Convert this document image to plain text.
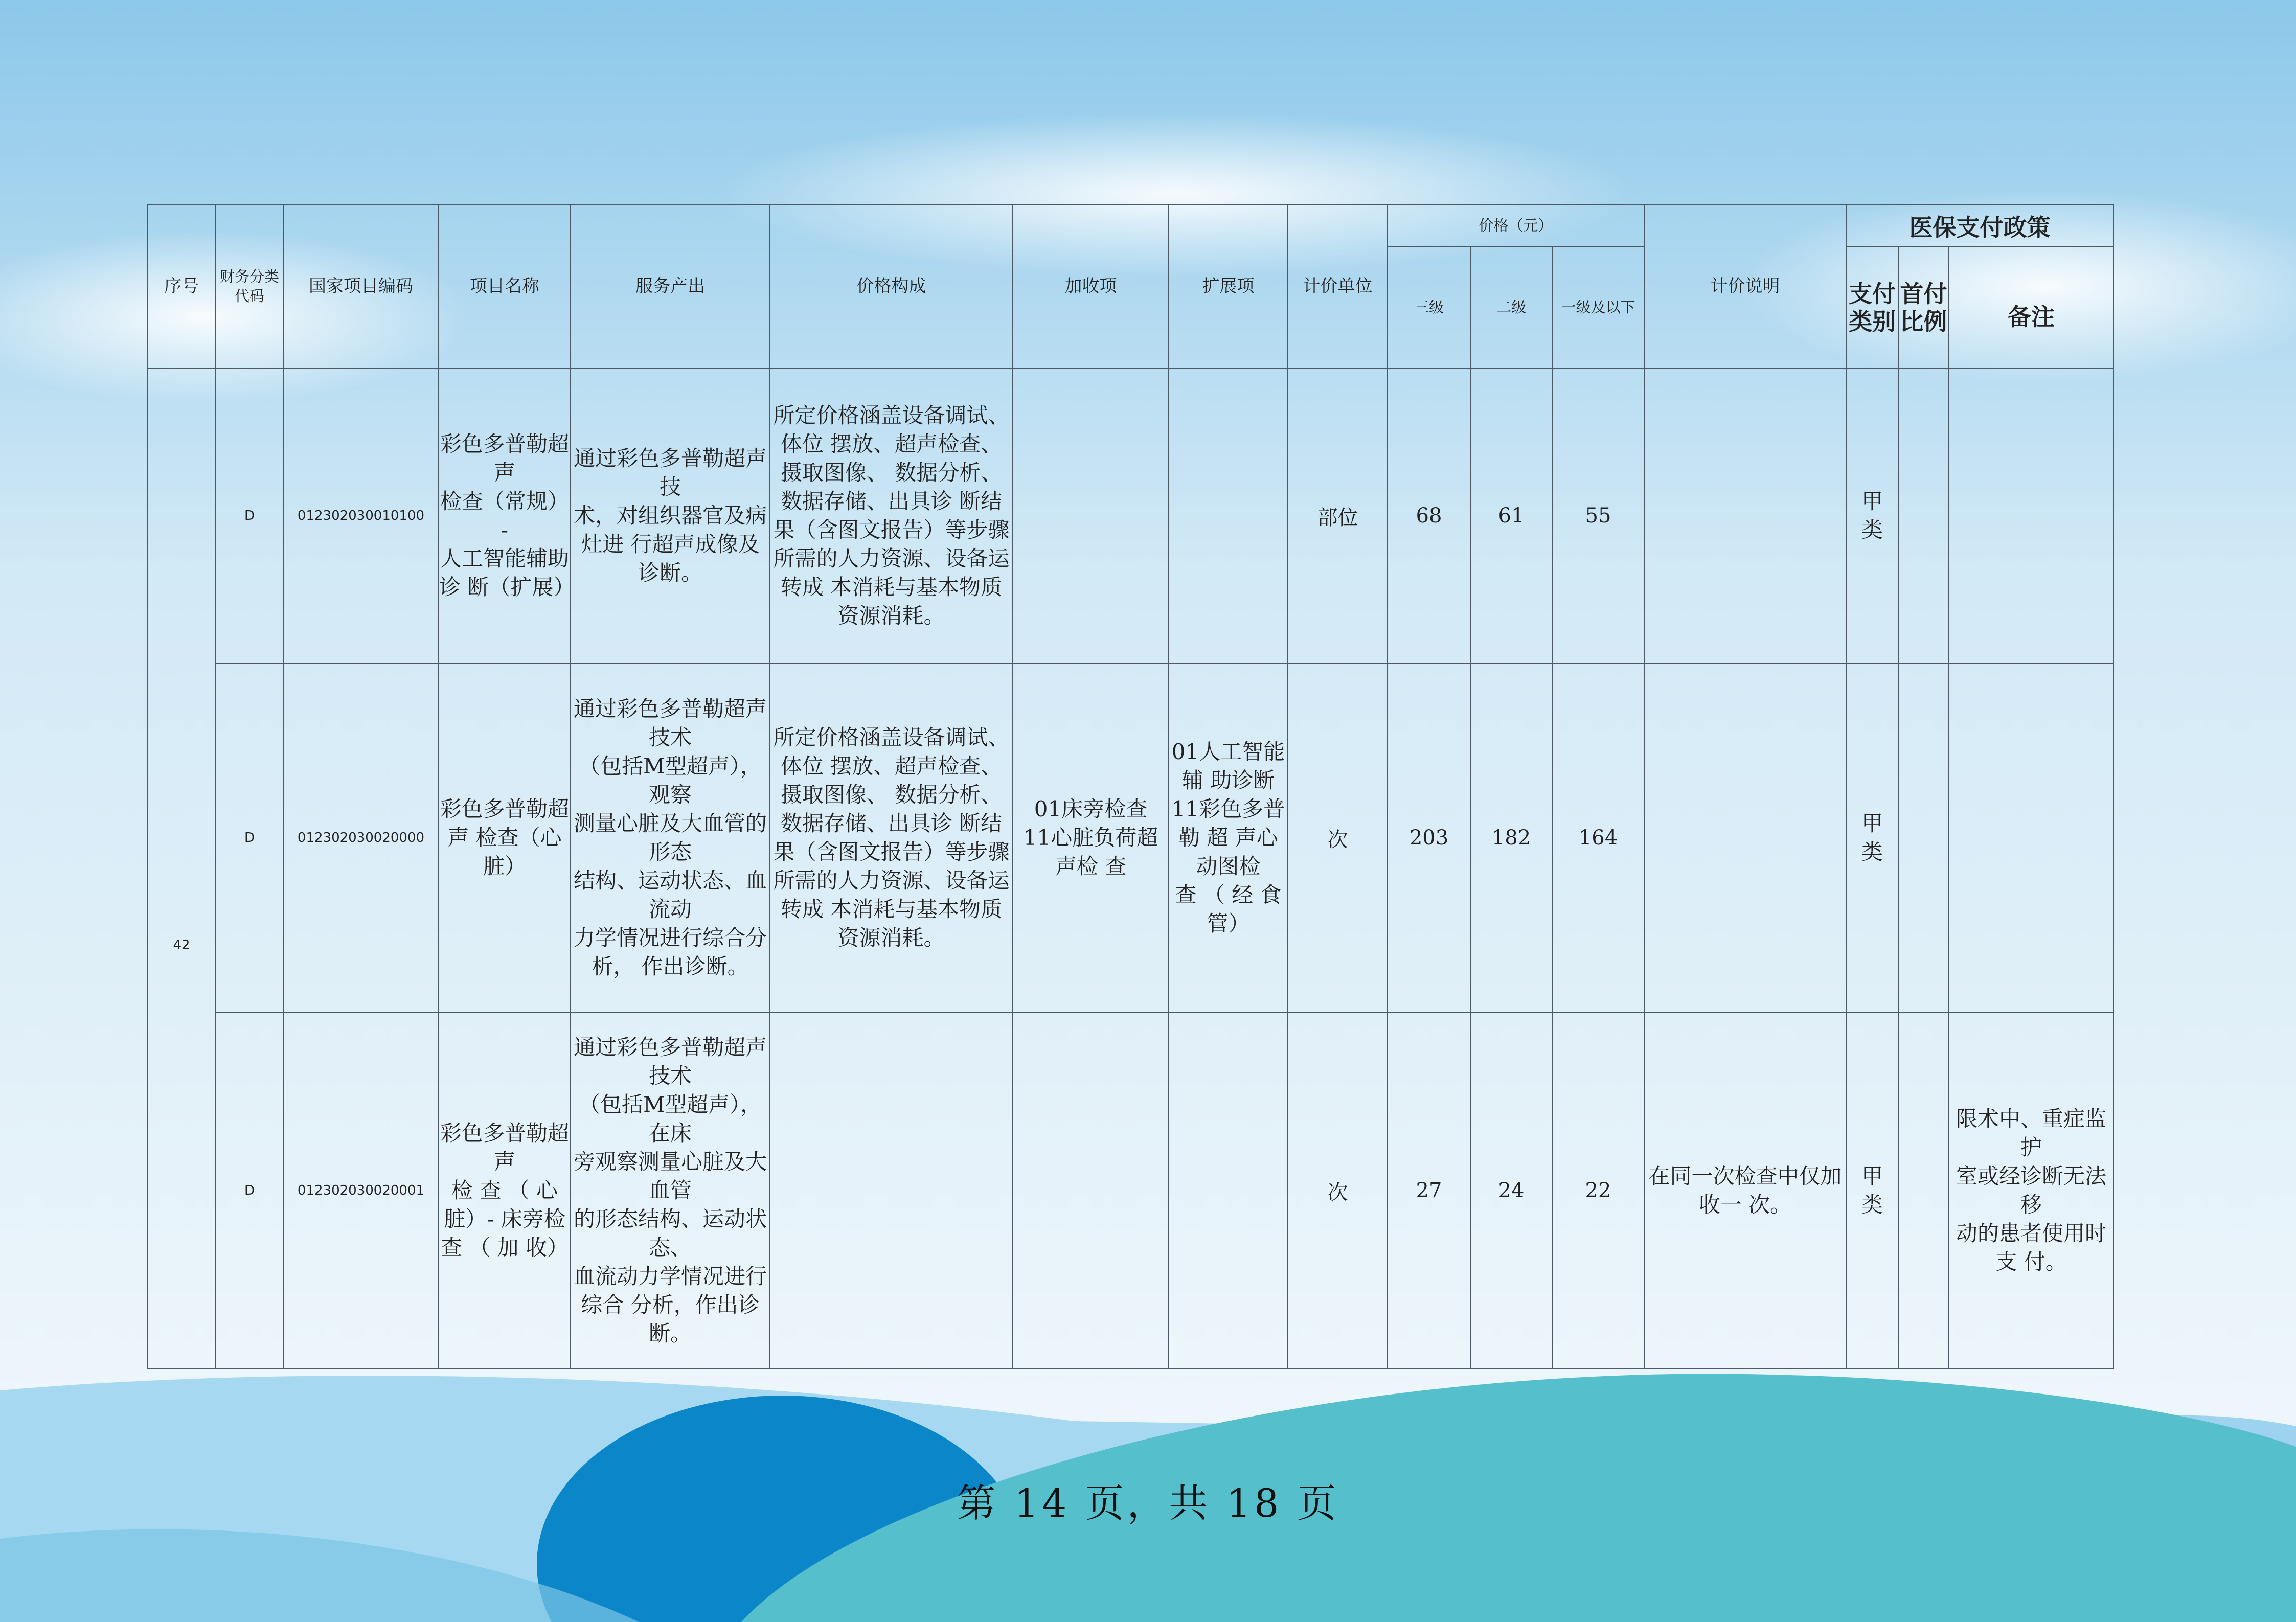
序号	财务分类代码	国家项目编码	项目名称	服务产出	价格构成	加收项	扩展项	计价单位	价格（元）			计价说明	医保支付政策		
									三级	二级	一级及以下		支付类别	首付比例	备注

42	D	012302030010100	彩色多普勒超声
检查（常规）-
人工智能辅助诊 断（扩展）	通过彩色多普勒超声技
术，对组织器官及病灶进 行超声成像及诊断。	所定价格涵盖设备调试、体位 摆放、超声检查、摄取图像、 数据分析、数据存储、出具诊 断结果（含图文报告）等步骤 所需的人力资源、设备运转成 本消耗与基本物质资源消耗。			部位	68	61	55		甲类		
	D	012302030020000	彩色多普勒超声 检查（心脏）	通过彩色多普勒超声技术
（包括M型超声），观察
测量心脏及大血管的形态
结构、运动状态、血流动
力学情况进行综合分析， 作出诊断。	所定价格涵盖设备调试、体位 摆放、超声检查、摄取图像、 数据分析、数据存储、出具诊 断结果（含图文报告）等步骤 所需的人力资源、设备运转成 本消耗与基本物质资源消耗。	01床旁检查
11心脏负荷超声检 查	01人工智能辅 助诊断
11彩色多普 勒 超 声心动图检
查 （ 经 食 管）	次	203	182	164		甲类		
	D	012302030020001	彩色多普勒超声
检 查 （ 心 脏）- 床旁检 查 （ 加 收）	通过彩色多普勒超声技术
（包括M型超声），在床
旁观察测量心脏及大血管
的形态结构、运动状态、
血流动力学情况进行综合 分析，作出诊断。				次	27	24	22	在同一次检查中仅加收一 次。	甲类		限术中、重症监护
室或经诊断无法移
动的患者使用时支 付。
第 14 页，共 18 页
